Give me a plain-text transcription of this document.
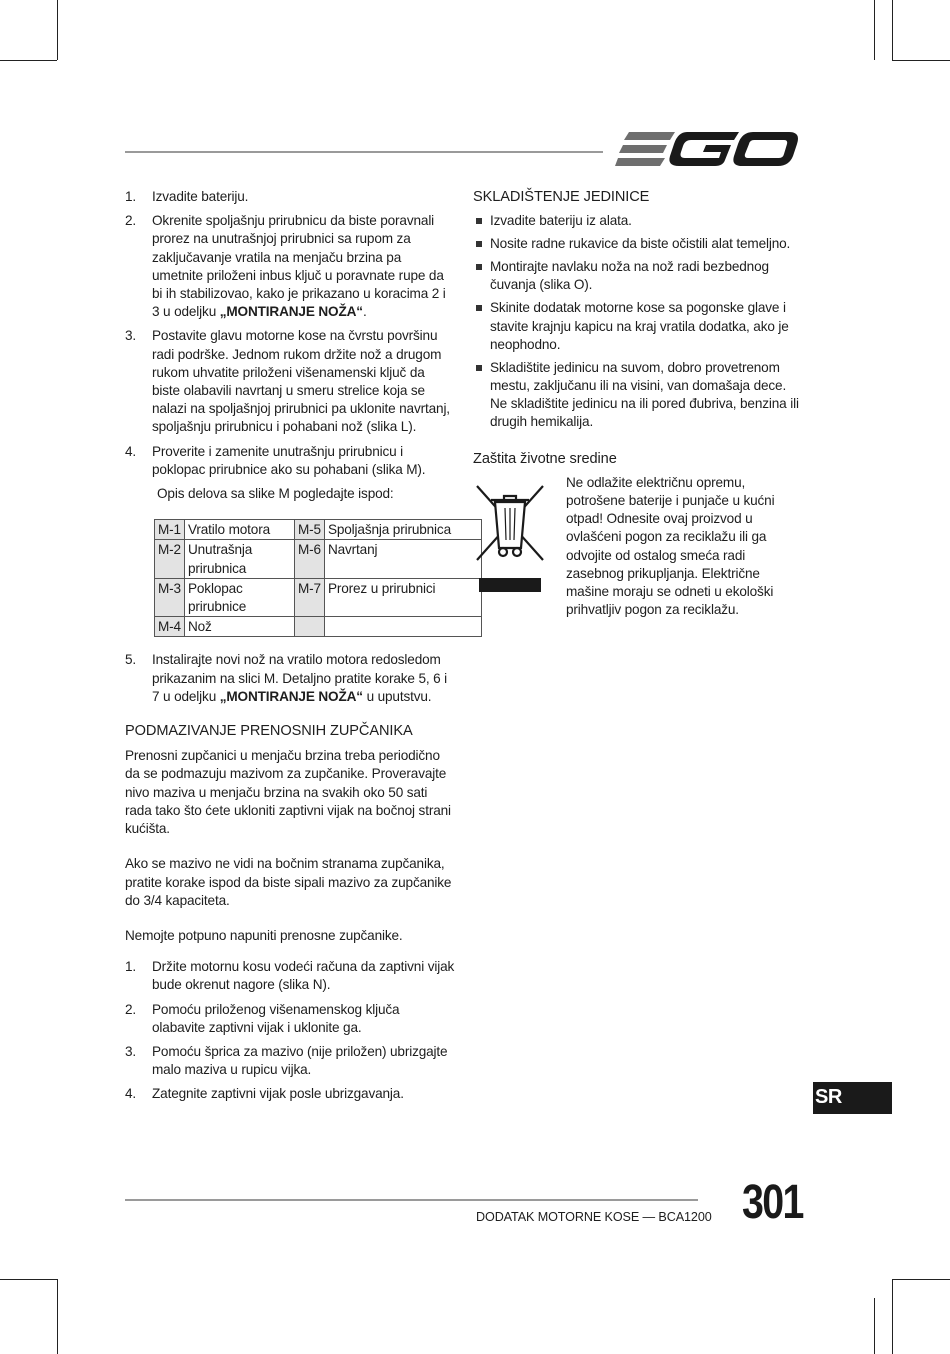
1. Izvadite bateriju.
2. Okrenite spoljašnju prirubnicu da biste poravnali prorez na unutrašnjoj prirubnici sa rupom za zaključavanje vratila na menjaču brzina pa umetnite priloženi inbus ključ u poravnate rupe da bi ih stabilizovao, kako je prikazano u koracima 2 i 3 u odeljku „MONTIRANJE NOŽA“.
3. Postavite glavu motorne kose na čvrstu površinu radi podrške. Jednom rukom držite nož a drugom rukom uhvatite priloženi višenamenski ključ da biste olabavili navrtanj u smeru strelice koja se nalazi na spoljašnjoj prirubnici pa uklonite navrtanj, spoljašnju prirubnicu i pohabani nož (slika L).
4. Proverite i zamenite unutrašnju prirubnicu i poklopac prirubnice ako su pohabani (slika M).

Opis delova sa slike M pogledajte ispod:

M-1	Vratilo motora	M-5	Spoljašnja prirubnica
M-2	Unutrašnja prirubnica	M-6	Navrtanj
M-3	Poklopac prirubnice	M-7	Prorez u prirubnici
M-4	Nož		
5. Instalirajte novi nož na vratilo motora redosledom prikazanim na slici M. Detaljno pratite korake 5, 6 i 7 u odeljku „MONTIRANJE NOŽA“ u uputstvu.
PODMAZIVANJE PRENOSNIH ZUPČANIKA

Prenosni zupčanici u menjaču brzina treba periodično da se podmazuju mazivom za zupčanike. Proveravajte nivo maziva u menjaču brzina na svakih oko 50 sati rada tako što ćete ukloniti zaptivni vijak na bočnoj strani kućišta.

Ako se mazivo ne vidi na bočnim stranama zupčanika, pratite korake ispod da biste sipali mazivo za zupčanike do 3/4 kapaciteta.

Nemojte potpuno napuniti prenosne zupčanike.

1. Držite motornu kosu vodeći računa da zaptivni vijak bude okrenut nagore (slika N).
2. Pomoću priloženog višenamenskog ključa olabavite zaptivni vijak i uklonite ga.
3. Pomoću šprica za mazivo (nije priložen) ubrizgajte malo maziva u rupicu vijka.
4. Zategnite zaptivni vijak posle ubrizgavanja.
SKLADIŠTENJE JEDINICE
Izvadite bateriju iz alata.
Nosite radne rukavice da biste očistili alat temeljno.
Montirajte navlaku noža na nož radi bezbednog čuvanja (slika O).
Skinite dodatak motorne kose sa pogonske glave i stavite krajnju kapicu na kraj vratila dodatka, ako je neophodno.
Skladištite jedinicu na suvom, dobro provetrenom mestu, zaključanu ili na visini, van domašaja dece. Ne skladištite jedinicu na ili pored đubriva, benzina ili drugih hemikalija.
Zaštita životne sredine
Ne odlažite električnu opremu, potrošene baterije i punjače u kućni otpad! Odnesite ovaj proizvod u ovlašćeni pogon za reciklažu ili ga odvojite od ostalog smeća radi zasebnog prikupljanja. Električne mašine moraju se odneti u ekološki prihvatljiv pogon za reciklažu.
SR
DODATAK MOTORNE KOSE — BCA1200 301
